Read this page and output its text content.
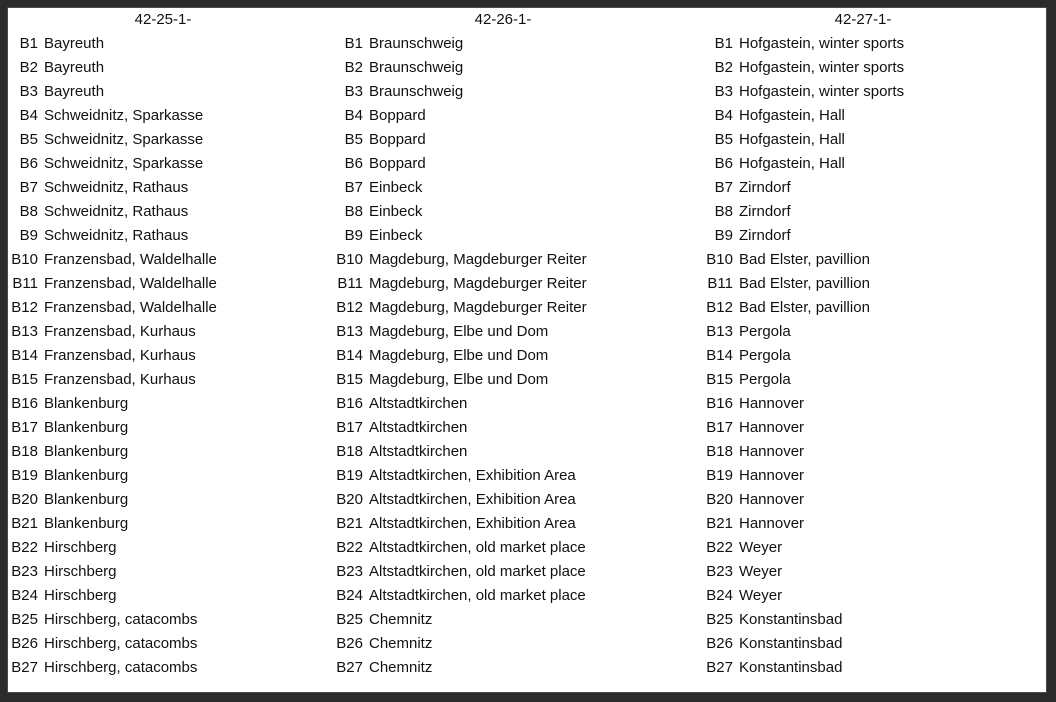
42-25-1-
B1 Bayreuth
B2 Bayreuth
B3 Bayreuth
B4 Schweidnitz, Sparkasse
B5 Schweidnitz, Sparkasse
B6 Schweidnitz, Sparkasse
B7 Schweidnitz, Rathaus
B8 Schweidnitz, Rathaus
B9 Schweidnitz, Rathaus
B10 Franzensbad, Waldelhalle
B11 Franzensbad, Waldelhalle
B12 Franzensbad, Waldelhalle
B13 Franzensbad, Kurhaus
B14 Franzensbad, Kurhaus
B15 Franzensbad, Kurhaus
B16 Blankenburg
B17 Blankenburg
B18 Blankenburg
B19 Blankenburg
B20 Blankenburg
B21 Blankenburg
B22 Hirschberg
B23 Hirschberg
B24 Hirschberg
B25 Hirschberg, catacombs
B26 Hirschberg, catacombs
B27 Hirschberg, catacombs
42-26-1-
B1 Braunschweig
B2 Braunschweig
B3 Braunschweig
B4 Boppard
B5 Boppard
B6 Boppard
B7 Einbeck
B8 Einbeck
B9 Einbeck
B10 Magdeburg, Magdeburger Reiter
B11 Magdeburg, Magdeburger Reiter
B12 Magdeburg, Magdeburger Reiter
B13 Magdeburg, Elbe und Dom
B14 Magdeburg, Elbe und Dom
B15 Magdeburg, Elbe und Dom
B16 Altstadtkirchen
B17 Altstadtkirchen
B18 Altstadtkirchen
B19 Altstadtkirchen, Exhibition Area
B20 Altstadtkirchen, Exhibition Area
B21 Altstadtkirchen, Exhibition Area
B22 Altstadtkirchen, old market place
B23 Altstadtkirchen, old market place
B24 Altstadtkirchen, old market place
B25 Chemnitz
B26 Chemnitz
B27 Chemnitz
42-27-1-
B1 Hofgastein, winter sports
B2 Hofgastein, winter sports
B3 Hofgastein, winter sports
B4 Hofgastein, Hall
B5 Hofgastein, Hall
B6 Hofgastein, Hall
B7 Zirndorf
B8 Zirndorf
B9 Zirndorf
B10 Bad Elster, pavillion
B11 Bad Elster, pavillion
B12 Bad Elster, pavillion
B13 Pergola
B14 Pergola
B15 Pergola
B16 Hannover
B17 Hannover
B18 Hannover
B19 Hannover
B20 Hannover
B21 Hannover
B22 Weyer
B23 Weyer
B24 Weyer
B25 Konstantinsbad
B26 Konstantinsbad
B27 Konstantinsbad
